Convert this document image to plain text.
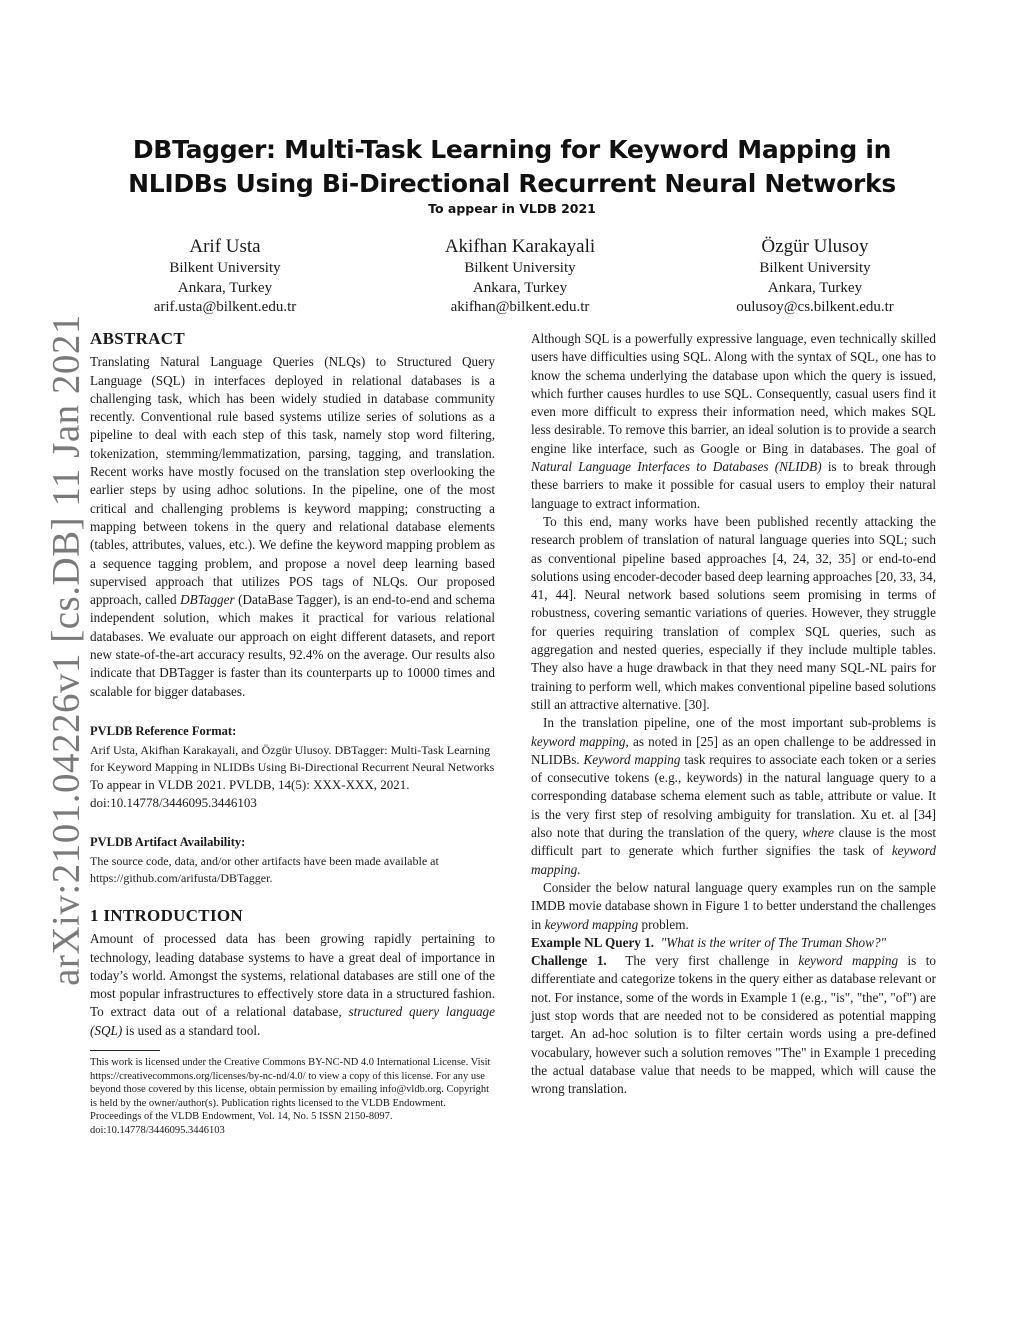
arXiv:2101.04226v1 [cs.DB] 11 Jan 2021
DBTagger: Multi-Task Learning for Keyword Mapping in
NLIDBs Using Bi-Directional Recurrent Neural Networks
To appear in VLDB 2021
Arif Usta
Bilkent University
Ankara, Turkey
arif.usta@bilkent.edu.tr
Akifhan Karakayali
Bilkent University
Ankara, Turkey
akifhan@bilkent.edu.tr
Özgür Ulusoy
Bilkent University
Ankara, Turkey
oulusoy@cs.bilkent.edu.tr
ABSTRACT

Translating Natural Language Queries (NLQs) to Structured Query Language (SQL) in interfaces deployed in relational databases is a challenging task, which has been widely studied in database community recently. Conventional rule based systems utilize series of solutions as a pipeline to deal with each step of this task, namely stop word filtering, tokenization, stemming/lemmatization, parsing, tagging, and translation. Recent works have mostly focused on the translation step overlooking the earlier steps by using adhoc solutions. In the pipeline, one of the most critical and challenging problems is keyword mapping; constructing a mapping between tokens in the query and relational database elements (tables, attributes, values, etc.). We define the keyword mapping problem as a sequence tagging problem, and propose a novel deep learning based supervised approach that utilizes POS tags of NLQs. Our proposed approach, called DBTagger (DataBase Tagger), is an end-to-end and schema independent solution, which makes it practical for various relational databases. We evaluate our approach on eight different datasets, and report new state-of-the-art accuracy results, 92.4% on the average. Our results also indicate that DBTagger is faster than its counterparts up to 10000 times and scalable for bigger databases.

PVLDB Reference Format:
Arif Usta, Akifhan Karakayali, and Özgür Ulusoy. DBTagger: Multi-Task Learning for Keyword Mapping in NLIDBs Using Bi-Directional Recurrent Neural Networks
To appear in VLDB 2021. PVLDB, 14(5): XXX-XXX, 2021.
doi:10.14778/3446095.3446103
PVLDB Artifact Availability:
The source code, data, and/or other artifacts have been made available at https://github.com/arifusta/DBTagger.
1 INTRODUCTION

Amount of processed data has been growing rapidly pertaining to technology, leading database systems to have a great deal of importance in today’s world. Amongst the systems, relational databases are still one of the most popular infrastructures to effectively store data in a structured fashion. To extract data out of a relational database, structured query language (SQL) is used as a standard tool.

This work is licensed under the Creative Commons BY-NC-ND 4.0 International License. Visit https://creativecommons.org/licenses/by-nc-nd/4.0/ to view a copy of this license. For any use beyond those covered by this license, obtain permission by emailing info@vldb.org. Copyright is held by the owner/author(s). Publication rights licensed to the VLDB Endowment.
Proceedings of the VLDB Endowment, Vol. 14, No. 5 ISSN 2150-8097.
doi:10.14778/3446095.3446103

Although SQL is a powerfully expressive language, even technically skilled users have difficulties using SQL. Along with the syntax of SQL, one has to know the schema underlying the database upon which the query is issued, which further causes hurdles to use SQL. Consequently, casual users find it even more difficult to express their information need, which makes SQL less desirable. To remove this barrier, an ideal solution is to provide a search engine like interface, such as Google or Bing in databases. The goal of Natural Language Interfaces to Databases (NLIDB) is to break through these barriers to make it possible for casual users to employ their natural language to extract information.

To this end, many works have been published recently attacking the research problem of translation of natural language queries into SQL; such as conventional pipeline based approaches [4, 24, 32, 35] or end-to-end solutions using encoder-decoder based deep learning approaches [20, 33, 34, 41, 44]. Neural network based solutions seem promising in terms of robustness, covering semantic variations of queries. However, they struggle for queries requiring translation of complex SQL queries, such as aggregation and nested queries, especially if they include multiple tables. They also have a huge drawback in that they need many SQL-NL pairs for training to perform well, which makes conventional pipeline based solutions still an attractive alternative. [30].

In the translation pipeline, one of the most important sub-problems is keyword mapping, as noted in [25] as an open challenge to be addressed in NLIDBs. Keyword mapping task requires to associate each token or a series of consecutive tokens (e.g., keywords) in the natural language query to a corresponding database schema element such as table, attribute or value. It is the very first step of resolving ambiguity for translation. Xu et. al [34] also note that during the translation of the query, where clause is the most difficult part to generate which further signifies the task of keyword mapping.

Consider the below natural language query examples run on the sample IMDB movie database shown in Figure 1 to better understand the challenges in keyword mapping problem.

Example NL Query 1. "What is the writer of The Truman Show?"

Challenge 1. The very first challenge in keyword mapping is to differentiate and categorize tokens in the query either as database relevant or not. For instance, some of the words in Example 1 (e.g., "is", "the", "of") are just stop words that are needed not to be considered as potential mapping target. An ad-hoc solution is to filter certain words using a pre-defined vocabulary, however such a solution removes "The" in Example 1 preceding the actual database value that needs to be mapped, which will cause the wrong translation.
